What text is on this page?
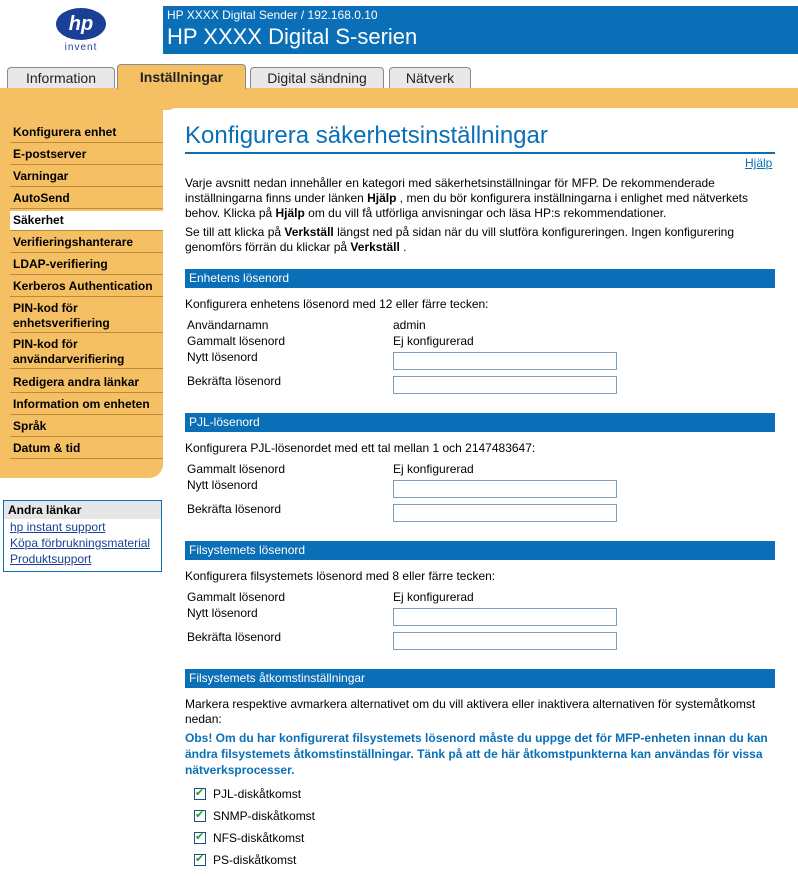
hp
invent
HP XXXX Digital Sender / 192.168.0.10
HP XXXX Digital S-serien
Information	Inställningar	Digital sändning	Nätverk
Konfigurera enhet
E-postserver
Varningar
AutoSend
Säkerhet
Verifieringshanterare
LDAP-verifiering
Kerberos Authentication
PIN-kod för enhetsverifiering
PIN-kod för användarverifiering
Redigera andra länkar
Information om enheten
Språk
Datum & tid
Andra länkar
hp instant support
Köpa förbrukningsmaterial
Produktsupport
Konfigurera säkerhetsinställningar
Hjälp
Varje avsnitt nedan innehåller en kategori med säkerhetsinställningar för MFP. De rekommenderade inställningarna finns under länken Hjälp , men du bör konfigurera inställningarna i enlighet med nätverkets behov. Klicka på Hjälp om du vill få utförliga anvisningar och läsa HP:s rekommendationer.
Se till att klicka på Verkställ längst ned på sidan när du vill slutföra konfigureringen. Ingen konfigurering genomförs förrän du klickar på Verkställ .
Enhetens lösenord
Konfigurera enhetens lösenord med 12 eller färre tecken:
Användarnamn	admin
Gammalt lösenord	Ej konfigurerad
Nytt lösenord
Bekräfta lösenord
PJL-lösenord
Konfigurera PJL-lösenordet med ett tal mellan 1 och 2147483647:
Gammalt lösenord	Ej konfigurerad
Nytt lösenord
Bekräfta lösenord
Filsystemets lösenord
Konfigurera filsystemets lösenord med 8 eller färre tecken:
Gammalt lösenord	Ej konfigurerad
Nytt lösenord
Bekräfta lösenord
Filsystemets åtkomstinställningar
Markera respektive avmarkera alternativet om du vill aktivera eller inaktivera alternativen för systemåtkomst nedan:
Obs! Om du har konfigurerat filsystemets lösenord måste du uppge det för MFP-enheten innan du kan ändra filsystemets åtkomstinställningar. Tänk på att de här åtkomstpunkterna kan användas för vissa nätverksprocesser.
✔
PJL-diskåtkomst
✔
SNMP-diskåtkomst
✔
NFS-diskåtkomst
✔
PS-diskåtkomst
